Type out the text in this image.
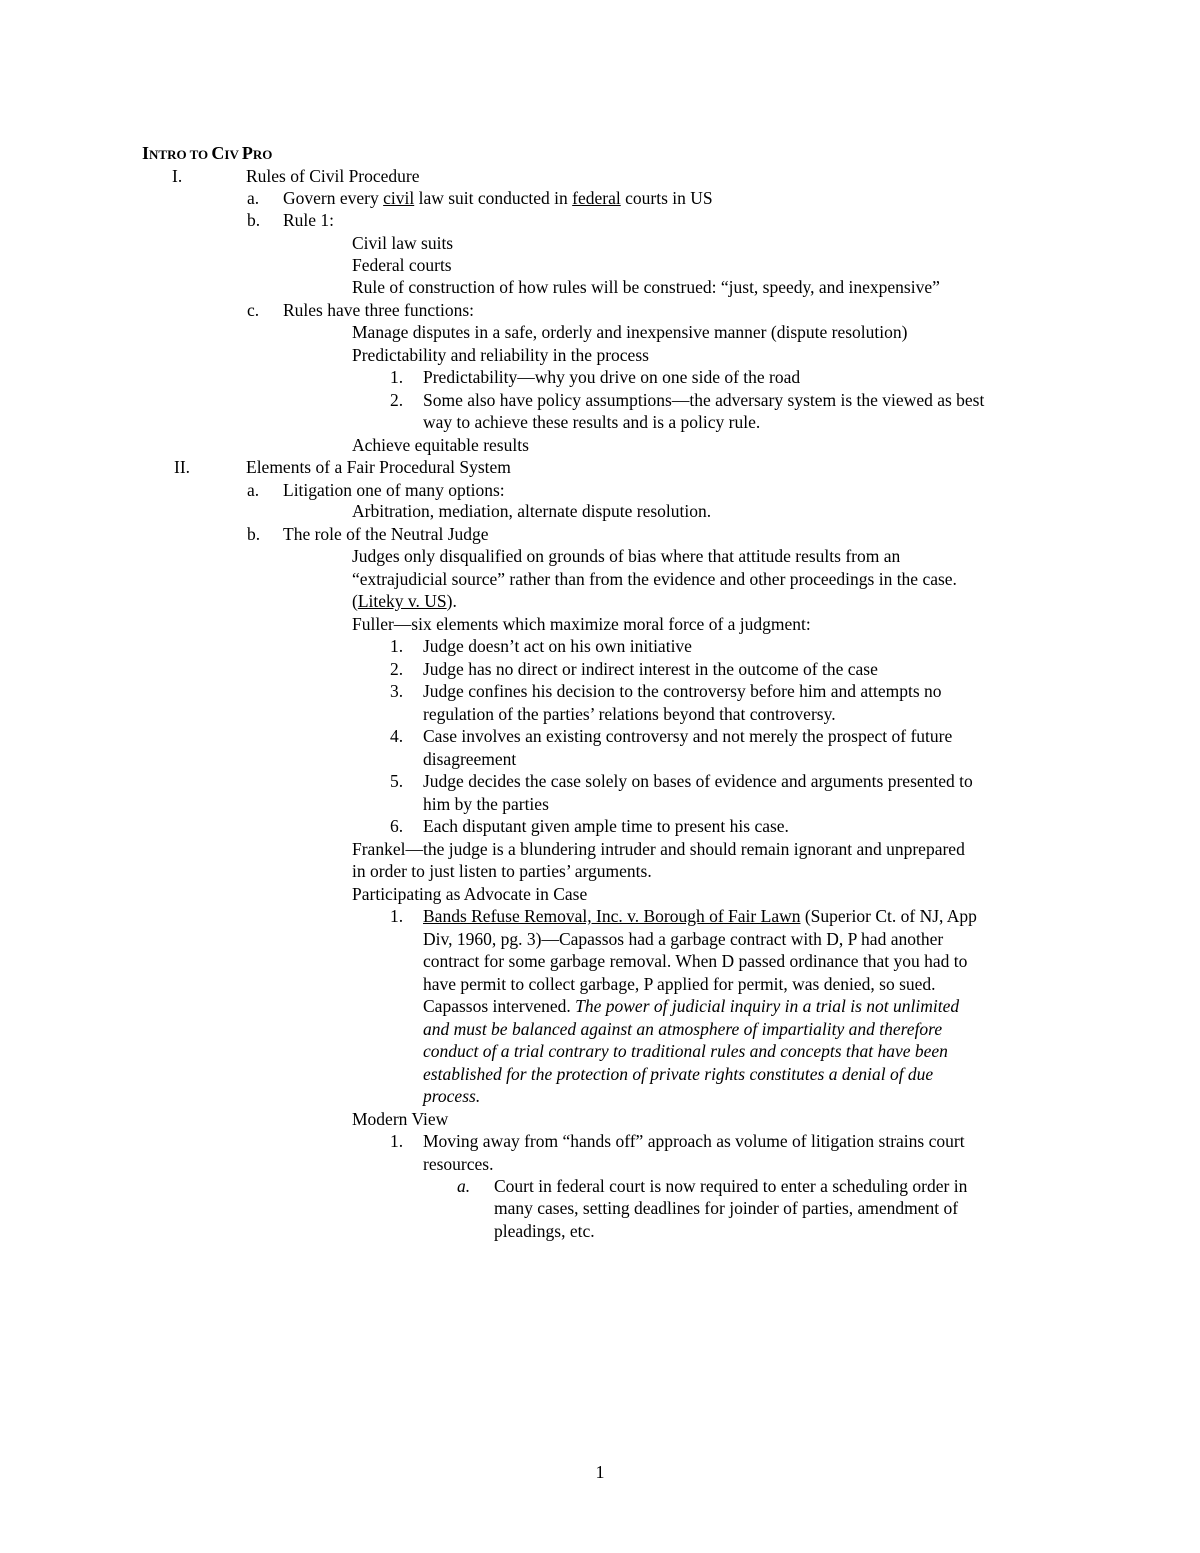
INTRO TO CIV PRO
I.	Rules of Civil Procedure
a. Govern every civil law suit conducted in federal courts in US
b. Rule 1:
Civil law suits
Federal courts
Rule of construction of how rules will be construed: “just, speedy, and inexpensive”
c. Rules have three functions:
Manage disputes in a safe, orderly and inexpensive manner (dispute resolution)
Predictability and reliability in the process
1. Predictability—why you drive on one side of the road
2. Some also have policy assumptions—the adversary system is the viewed as best
way to achieve these results and is a policy rule.
Achieve equitable results
II.	Elements of a Fair Procedural System
a. Litigation one of many options:
Arbitration, mediation, alternate dispute resolution.
b. The role of the Neutral Judge
Judges only disqualified on grounds of bias where that attitude results from an
“extrajudicial source” rather than from the evidence and other proceedings in the case.
(Liteky v. US).
Fuller—six elements which maximize moral force of a judgment:
1. Judge doesn’t act on his own initiative
2. Judge has no direct or indirect interest in the outcome of the case
3. Judge confines his decision to the controversy before him and attempts no
regulation of the parties’ relations beyond that controversy.
4. Case involves an existing controversy and not merely the prospect of future
disagreement
5. Judge decides the case solely on bases of evidence and arguments presented to
him by the parties
6. Each disputant given ample time to present his case.
Frankel—the judge is a blundering intruder and should remain ignorant and unprepared
in order to just listen to parties’ arguments.
Participating as Advocate in Case
1. Bands Refuse Removal, Inc. v. Borough of Fair Lawn (Superior Ct. of NJ, App
Div, 1960, pg. 3)—Capassos had a garbage contract with D, P had another
contract for some garbage removal. When D passed ordinance that you had to
have permit to collect garbage, P applied for permit, was denied, so sued.
Capassos intervened. The power of judicial inquiry in a trial is not unlimited
and must be balanced against an atmosphere of impartiality and therefore
conduct of a trial contrary to traditional rules and concepts that have been
established for the protection of private rights constitutes a denial of due
process.
Modern View
1. Moving away from “hands off” approach as volume of litigation strains court
resources.
a. Court in federal court is now required to enter a scheduling order in
many cases, setting deadlines for joinder of parties, amendment of
pleadings, etc.
1
